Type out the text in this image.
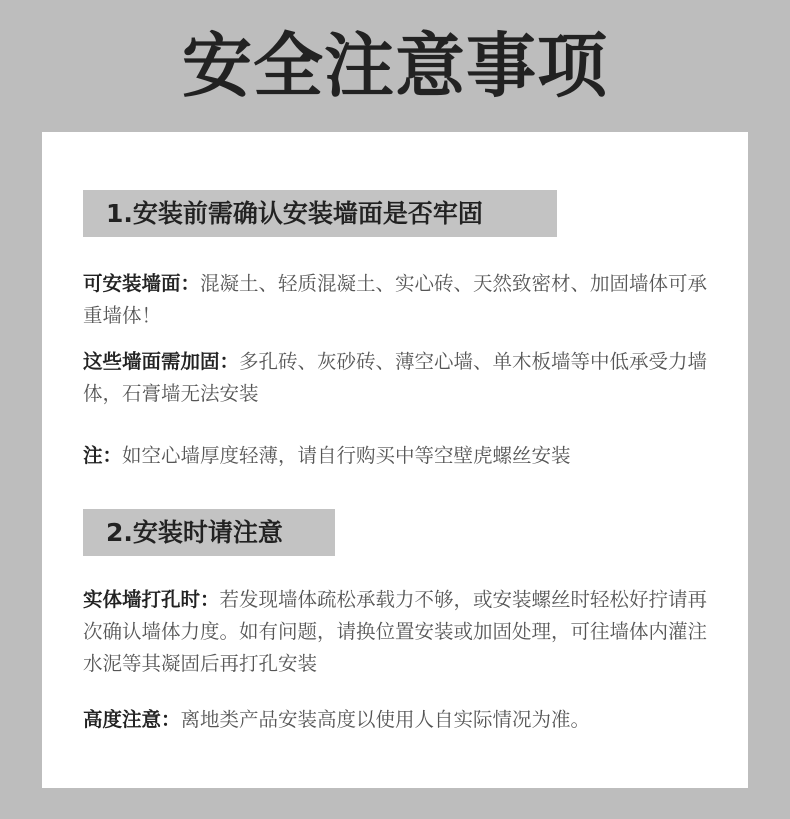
安全注意事项
1.安装前需确认安装墙面是否牢固
可安装墙面：混凝土、轻质混凝土、实心砖、天然致密材、加固墙体可承重墙体！
这些墙面需加固：多孔砖、灰砂砖、薄空心墙、单木板墙等中低承受力墙体，石膏墙无法安装
注：如空心墙厚度轻薄，请自行购买中等空壁虎螺丝安装
2.安装时请注意
实体墙打孔时：若发现墙体疏松承载力不够，或安装螺丝时轻松好拧请再次确认墙体力度。如有问题，请换位置安装或加固处理，可往墙体内灌注水泥等其凝固后再打孔安装
高度注意：离地类产品安装高度以使用人自实际情况为准。
